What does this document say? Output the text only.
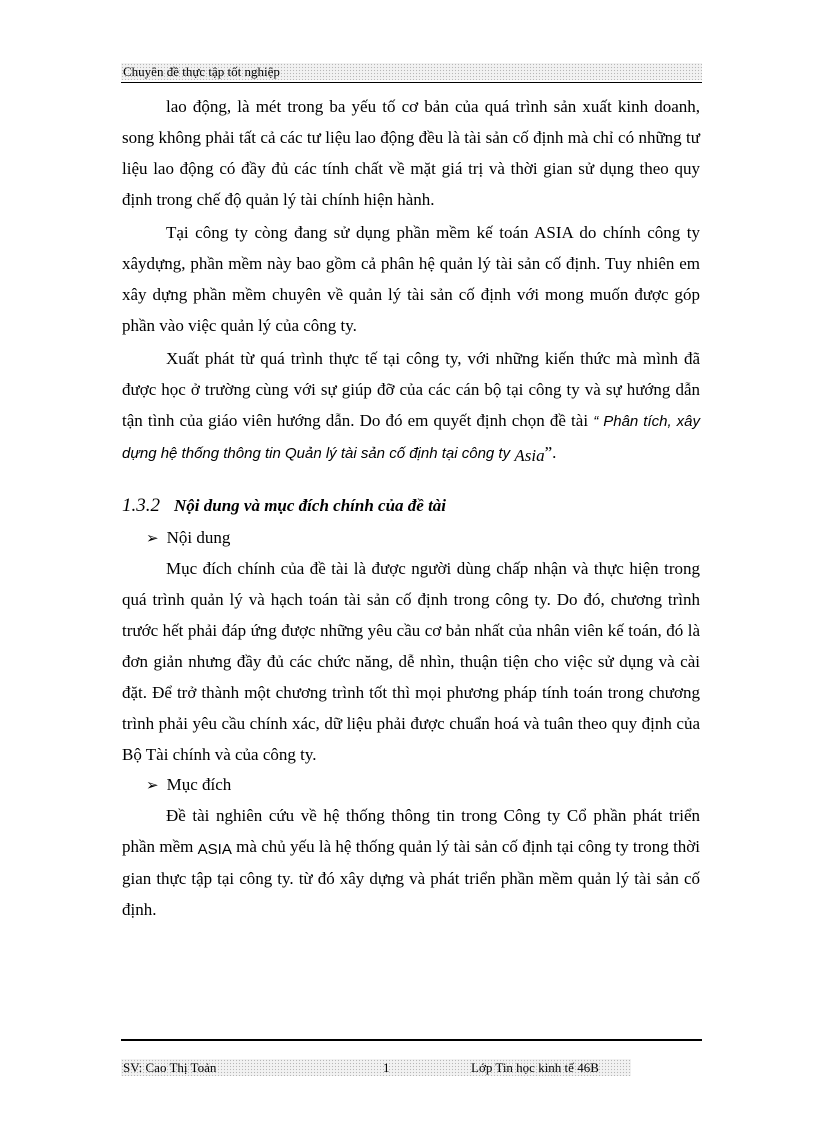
Chuyên đề thực tập tốt nghiệp

lao động, là mét trong ba yếu tố cơ bản của quá trình sản xuất kinh doanh, song không phải tất cả các tư liệu lao động đều là tài sản cố định mà chỉ có những tư liệu lao động có đầy đủ các tính chất về mặt giá trị và thời gian sử dụng theo quy định trong chế độ quản lý tài chính hiện hành.

Tại công ty còng đang sử dụng phần mềm kế toán ASIA do chính công ty xâydựng, phần mềm này bao gồm cả phân hệ quản lý tài sản cố định. Tuy nhiên em xây dựng phần mềm chuyên về quản lý tài sản cố định với mong muốn được góp phần vào việc quản lý của công ty.

Xuất phát từ quá trình thực tế tại công ty, với những kiến thức mà mình đã được học ở trường cùng với sự giúp đỡ của các cán bộ tại công ty và sự hướng dẫn tận tình của giáo viên hướng dẫn. Do đó em quyết định chọn đề tài “ Phân tích, xây dựng hệ thống thông tin Quản lý tài sản cố định tại công ty Asia”.

1.3.2 Nội dung và mục đích chính của đề tài

➢ Nội dung

Mục đích chính của đề tài là được người dùng chấp nhận và thực hiện trong quá trình quản lý và hạch toán tài sản cố định trong công ty. Do đó, chương trình trước hết phải đáp ứng được những yêu cầu cơ bản nhất của nhân viên kế toán, đó là đơn giản nhưng đầy đủ các chức năng, dễ nhìn, thuận tiện cho việc sử dụng và cài đặt. Để trở thành một chương trình tốt thì mọi phương pháp tính toán trong chương trình phải yêu cầu chính xác, dữ liệu phải được chuẩn hoá và tuân theo quy định của Bộ Tài chính và của công ty.

➢ Mục đích

Đề tài nghiên cứu về hệ thống thông tin trong Công ty Cổ phần phát triển phần mềm ASIA mà chủ yếu là hệ thống quản lý tài sản cố định tại công ty trong thời gian thực tập tại công ty. từ đó xây dựng và phát triển phần mềm quản lý tài sản cố định.

SV: Cao Thị Toản	1	Lớp Tin học kinh tế 46B
